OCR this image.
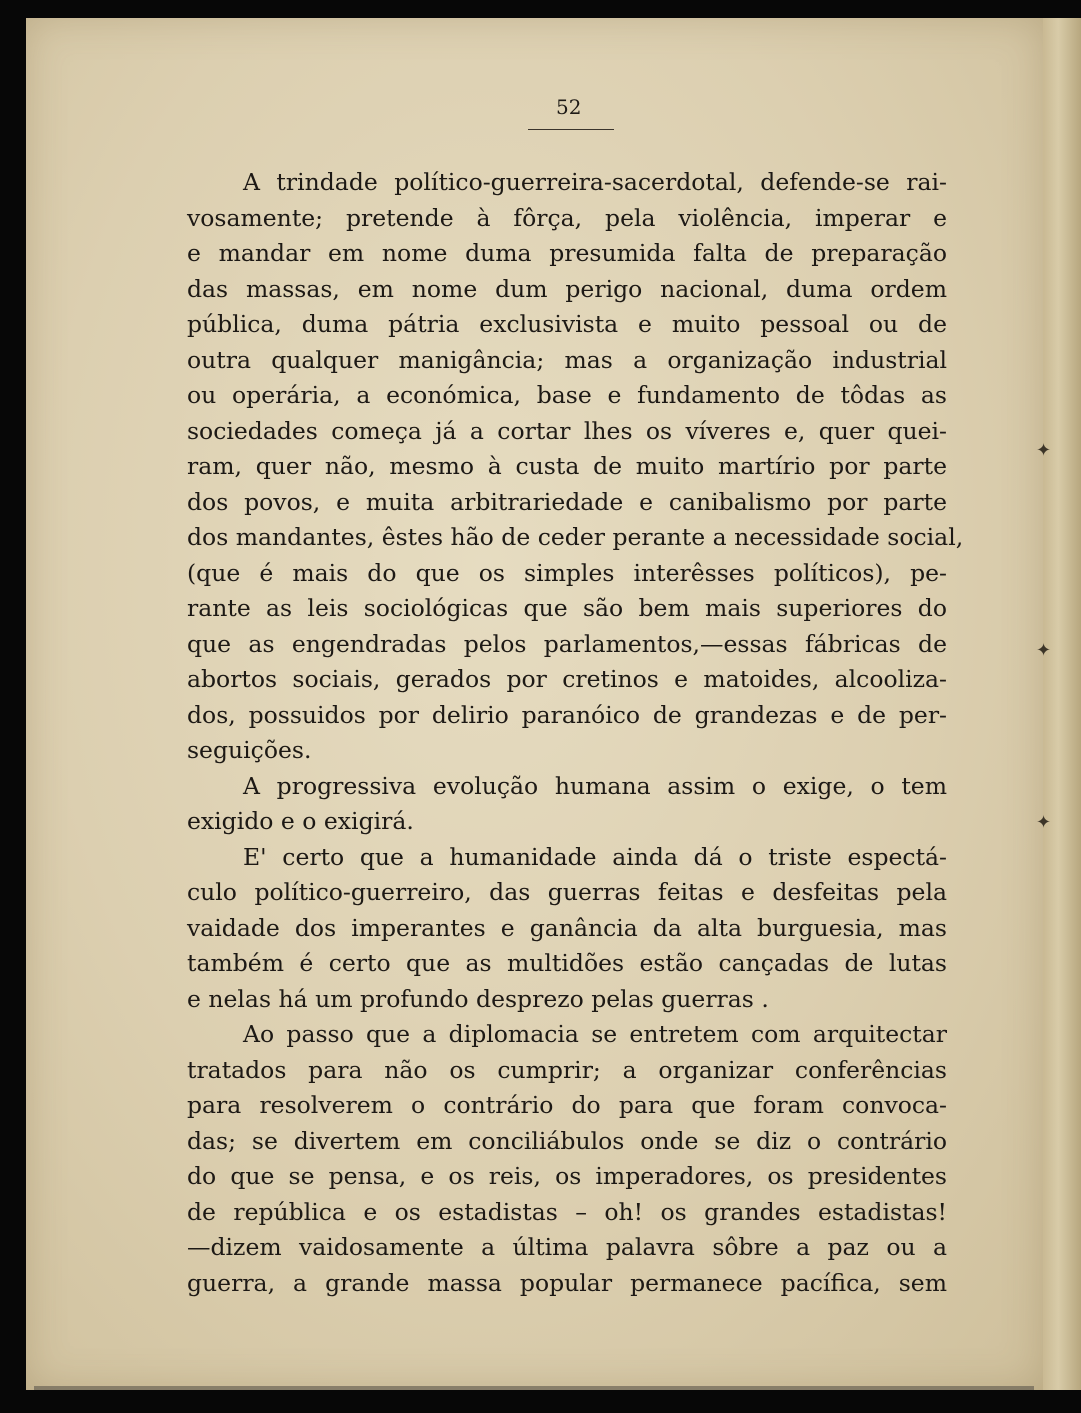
52
A trindade político-guerreira-sacerdotal, defende-se rai-
vosamente; pretende à fôrça, pela violência, imperar e
e mandar em nome duma presumida falta de preparação
das massas, em nome dum perigo nacional, duma ordem
pública, duma pátria exclusivista e muito pessoal ou de
outra qualquer manigância; mas a organização industrial
ou operária, a económica, base e fundamento de tôdas as
sociedades começa já a cortar lhes os víveres e, quer quei-
ram, quer não, mesmo à custa de muito martírio por parte
dos povos, e muita arbitrariedade e canibalismo por parte
dos mandantes, êstes hão de ceder perante a necessidade social,
(que é mais do que os simples interêsses políticos), pe-
rante as leis sociológicas que são bem mais superiores do
que as engendradas pelos parlamentos,—essas fábricas de
abortos sociais, gerados por cretinos e matoides, alcooliza-
dos, possuidos por delirio paranóico de grandezas e de per-
seguições.
A progressiva evolução humana assim o exige, o tem
exigido e o exigirá.
E' certo que a humanidade ainda dá o triste espectá-
culo político-guerreiro, das guerras feitas e desfeitas pela
vaidade dos imperantes e ganância da alta burguesia, mas
também é certo que as multidões estão cançadas de lutas
e nelas há um profundo desprezo pelas guerras .
Ao passo que a diplomacia se entretem com arquitectar
tratados para não os cumprir; a organizar conferências
para resolverem o contrário do para que foram convoca-
das; se divertem em conciliábulos onde se diz o contrário
do que se pensa, e os reis, os imperadores, os presidentes
de república e os estadistas – oh! os grandes estadistas!
—dizem vaidosamente a última palavra sôbre a paz ou a
guerra, a grande massa popular permanece pacífica, sem
✦
✦
✦
